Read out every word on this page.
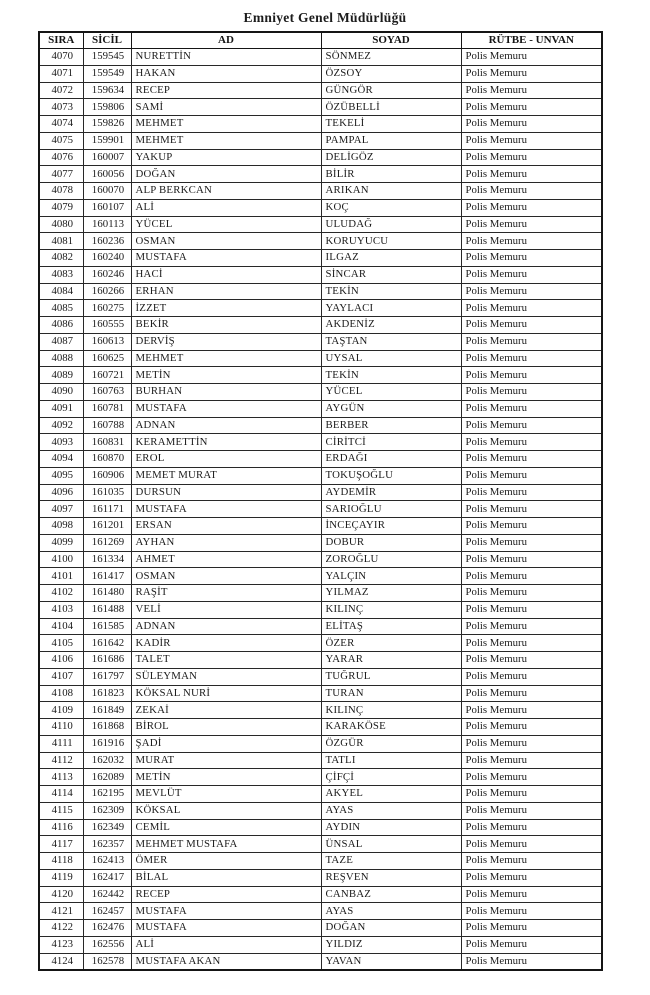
Emniyet Genel Müdürlüğü
SIRA	SİCİL	AD	SOYAD	RÜTBE - UNVAN
4070	159545	NURETTİN	SÖNMEZ	Polis Memuru
4071	159549	HAKAN	ÖZSOY	Polis Memuru
4072	159634	RECEP	GÜNGÖR	Polis Memuru
4073	159806	SAMİ	ÖZÜBELLİ	Polis Memuru
4074	159826	MEHMET	TEKELİ	Polis Memuru
4075	159901	MEHMET	PAMPAL	Polis Memuru
4076	160007	YAKUP	DELİGÖZ	Polis Memuru
4077	160056	DOĞAN	BİLİR	Polis Memuru
4078	160070	ALP BERKCAN	ARIKAN	Polis Memuru
4079	160107	ALİ	KOÇ	Polis Memuru
4080	160113	YÜCEL	ULUDAĞ	Polis Memuru
4081	160236	OSMAN	KORUYUCU	Polis Memuru
4082	160240	MUSTAFA	ILGAZ	Polis Memuru
4083	160246	HACİ	SİNCAR	Polis Memuru
4084	160266	ERHAN	TEKİN	Polis Memuru
4085	160275	İZZET	YAYLACI	Polis Memuru
4086	160555	BEKİR	AKDENİZ	Polis Memuru
4087	160613	DERVİŞ	TAŞTAN	Polis Memuru
4088	160625	MEHMET	UYSAL	Polis Memuru
4089	160721	METİN	TEKİN	Polis Memuru
4090	160763	BURHAN	YÜCEL	Polis Memuru
4091	160781	MUSTAFA	AYGÜN	Polis Memuru
4092	160788	ADNAN	BERBER	Polis Memuru
4093	160831	KERAMETTİN	CİRİTCİ	Polis Memuru
4094	160870	EROL	ERDAĞI	Polis Memuru
4095	160906	MEMET MURAT	TOKUŞOĞLU	Polis Memuru
4096	161035	DURSUN	AYDEMİR	Polis Memuru
4097	161171	MUSTAFA	SARIOĞLU	Polis Memuru
4098	161201	ERSAN	İNCEÇAYIR	Polis Memuru
4099	161269	AYHAN	DOBUR	Polis Memuru
4100	161334	AHMET	ZOROĞLU	Polis Memuru
4101	161417	OSMAN	YALÇIN	Polis Memuru
4102	161480	RAŞİT	YILMAZ	Polis Memuru
4103	161488	VELİ	KILINÇ	Polis Memuru
4104	161585	ADNAN	ELİTAŞ	Polis Memuru
4105	161642	KADİR	ÖZER	Polis Memuru
4106	161686	TALET	YARAR	Polis Memuru
4107	161797	SÜLEYMAN	TUĞRUL	Polis Memuru
4108	161823	KÖKSAL NURİ	TURAN	Polis Memuru
4109	161849	ZEKAİ	KILINÇ	Polis Memuru
4110	161868	BİROL	KARAKÖSE	Polis Memuru
4111	161916	ŞADİ	ÖZGÜR	Polis Memuru
4112	162032	MURAT	TATLI	Polis Memuru
4113	162089	METİN	ÇİFÇİ	Polis Memuru
4114	162195	MEVLÜT	AKYEL	Polis Memuru
4115	162309	KÖKSAL	AYAS	Polis Memuru
4116	162349	CEMİL	AYDIN	Polis Memuru
4117	162357	MEHMET MUSTAFA	ÜNSAL	Polis Memuru
4118	162413	ÖMER	TAZE	Polis Memuru
4119	162417	BİLAL	REŞVEN	Polis Memuru
4120	162442	RECEP	CANBAZ	Polis Memuru
4121	162457	MUSTAFA	AYAS	Polis Memuru
4122	162476	MUSTAFA	DOĞAN	Polis Memuru
4123	162556	ALİ	YILDIZ	Polis Memuru
4124	162578	MUSTAFA AKAN	YAVAN	Polis Memuru
